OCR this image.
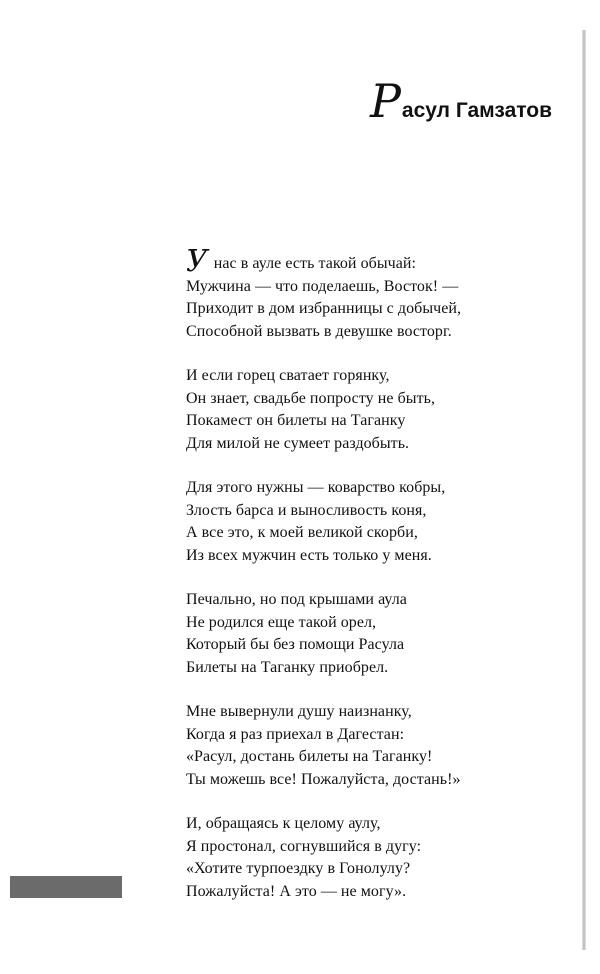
Р асул Гамзатов
У нас в ауле есть такой обычай:
Мужчина — что поделаешь, Восток! —
Приходит в дом избранницы с добычей,
Способной вызвать в девушке восторг.
И если горец сватает горянку,
Он знает, свадьбе попросту не быть,
Покамест он билеты на Таганку
Для милой не сумеет раздобыть.
Для этого нужны — коварство кобры,
Злость барса и выносливость коня,
А все это, к моей великой скорби,
Из всех мужчин есть только у меня.
Печально, но под крышами аула
Не родился еще такой орел,
Который бы без помощи Расула
Билеты на Таганку приобрел.
Мне вывернули душу наизнанку,
Когда я раз приехал в Дагестан:
«Расул, достань билеты на Таганку!
Ты можешь все! Пожалуйста, достань!»
И, обращаясь к целому аулу,
Я простонал, согнувшийся в дугу:
«Хотите турпоездку в Гонолулу?
Пожалуйста! А это — не могу».
